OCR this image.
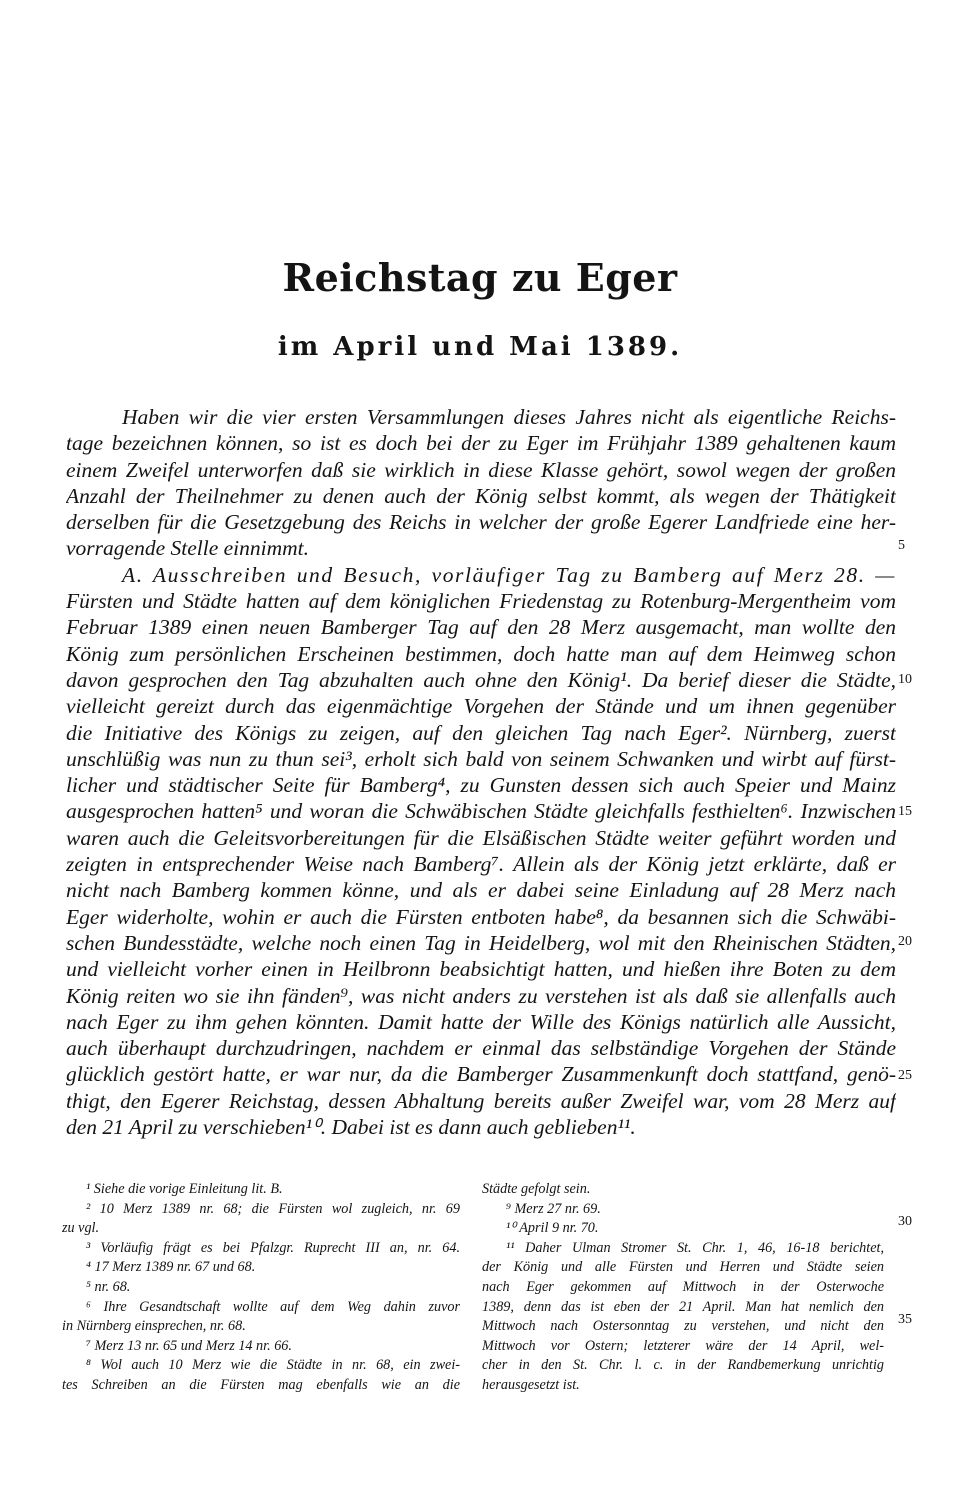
Reichstag zu Eger
im April und Mai 1389.
Haben wir die vier ersten Versammlungen dieses Jahres nicht als eigentliche Reichs-
tage bezeichnen können, so ist es doch bei der zu Eger im Frühjahr 1389 gehaltenen kaum
einem Zweifel unterworfen daß sie wirklich in diese Klasse gehört, sowol wegen der großen
Anzahl der Theilnehmer zu denen auch der König selbst kommt, als wegen der Thätigkeit
derselben für die Gesetzgebung des Reichs in welcher der große Egerer Landfriede eine her-
vorragende Stelle einnimmt.
A. Ausschreiben und Besuch, vorläufiger Tag zu Bamberg auf Merz 28. —
Fürsten und Städte hatten auf dem königlichen Friedenstag zu Rotenburg-Mergentheim vom
Februar 1389 einen neuen Bamberger Tag auf den 28 Merz ausgemacht, man wollte den
König zum persönlichen Erscheinen bestimmen, doch hatte man auf dem Heimweg schon
davon gesprochen den Tag abzuhalten auch ohne den König¹. Da berief dieser die Städte,
vielleicht gereizt durch das eigenmächtige Vorgehen der Stände und um ihnen gegenüber
die Initiative des Königs zu zeigen, auf den gleichen Tag nach Eger². Nürnberg, zuerst
unschlüßig was nun zu thun sei³, erholt sich bald von seinem Schwanken und wirbt auf fürst-
licher und städtischer Seite für Bamberg⁴, zu Gunsten dessen sich auch Speier und Mainz
ausgesprochen hatten⁵ und woran die Schwäbischen Städte gleichfalls festhielten⁶. Inzwischen
waren auch die Geleitsvorbereitungen für die Elsäßischen Städte weiter geführt worden und
zeigten in entsprechender Weise nach Bamberg⁷. Allein als der König jetzt erklärte, daß er
nicht nach Bamberg kommen könne, und als er dabei seine Einladung auf 28 Merz nach
Eger widerholte, wohin er auch die Fürsten entboten habe⁸, da besannen sich die Schwäbi-
schen Bundesstädte, welche noch einen Tag in Heidelberg, wol mit den Rheinischen Städten,
und vielleicht vorher einen in Heilbronn beabsichtigt hatten, und hießen ihre Boten zu dem
König reiten wo sie ihn fänden⁹, was nicht anders zu verstehen ist als daß sie allenfalls auch
nach Eger zu ihm gehen könnten. Damit hatte der Wille des Königs natürlich alle Aussicht,
auch überhaupt durchzudringen, nachdem er einmal das selbständige Vorgehen der Stände
glücklich gestört hatte, er war nur, da die Bamberger Zusammenkunft doch stattfand, genö-
thigt, den Egerer Reichstag, dessen Abhaltung bereits außer Zweifel war, vom 28 Merz auf
den 21 April zu verschieben¹⁰. Dabei ist es dann auch geblieben¹¹.
5
10
15
20
25
30
35
¹ Siehe die vorige Einleitung lit. B.
² 10 Merz 1389 nr. 68; die Fürsten wol zugleich, nr. 69
zu vgl.
³ Vorläufig frägt es bei Pfalzgr. Ruprecht III an, nr. 64.
⁴ 17 Merz 1389 nr. 67 und 68.
⁵ nr. 68.
⁶ Ihre Gesandtschaft wollte auf dem Weg dahin zuvor
in Nürnberg einsprechen, nr. 68.
⁷ Merz 13 nr. 65 und Merz 14 nr. 66.
⁸ Wol auch 10 Merz wie die Städte in nr. 68, ein zwei-
tes Schreiben an die Fürsten mag ebenfalls wie an die
Städte gefolgt sein.
⁹ Merz 27 nr. 69.
¹⁰ April 9 nr. 70.
¹¹ Daher Ulman Stromer St. Chr. 1, 46, 16-18 berichtet,
der König und alle Fürsten und Herren und Städte seien
nach Eger gekommen auf Mittwoch in der Osterwoche
1389, denn das ist eben der 21 April. Man hat nemlich den
Mittwoch nach Ostersonntag zu verstehen, und nicht den
Mittwoch vor Ostern; letzterer wäre der 14 April, wel-
cher in den St. Chr. l. c. in der Randbemerkung unrichtig
herausgesetzt ist.
